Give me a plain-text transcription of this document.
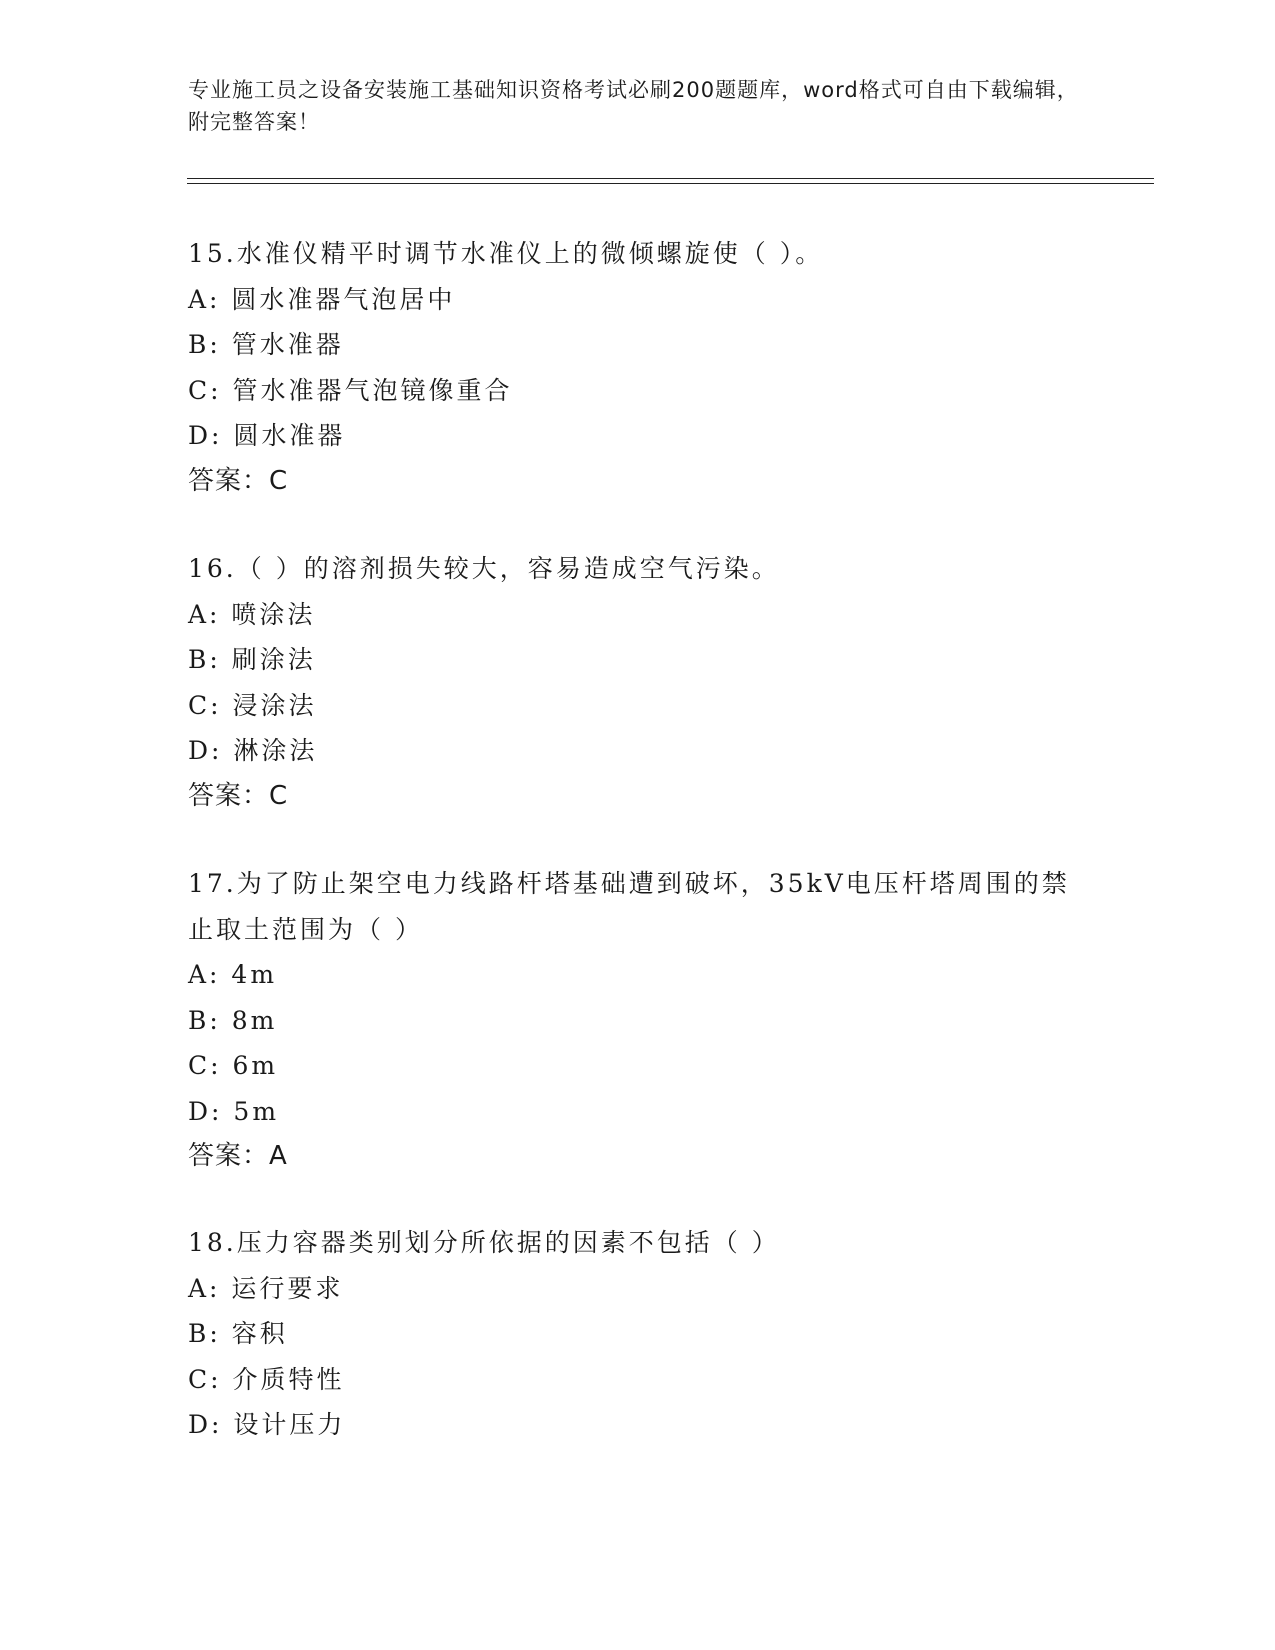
专业施工员之设备安装施工基础知识资格考试必刷200题题库，word格式可自由下载编辑，附完整答案！

15.水准仪精平时调节水准仪上的微倾螺旋使（ ）。

A: 圆水准器气泡居中

B: 管水准器

C: 管水准器气泡镜像重合

D: 圆水准器

答案：C

16.（ ）的溶剂损失较大，容易造成空气污染。

A: 喷涂法

B: 刷涂法

C: 浸涂法

D: 淋涂法

答案：C

17.为了防止架空电力线路杆塔基础遭到破坏，35kV电压杆塔周围的禁止取土范围为（ ）

A: 4m

B: 8m

C: 6m

D: 5m

答案：A

18.压力容器类别划分所依据的因素不包括（ ）

A: 运行要求

B: 容积

C: 介质特性

D: 设计压力
